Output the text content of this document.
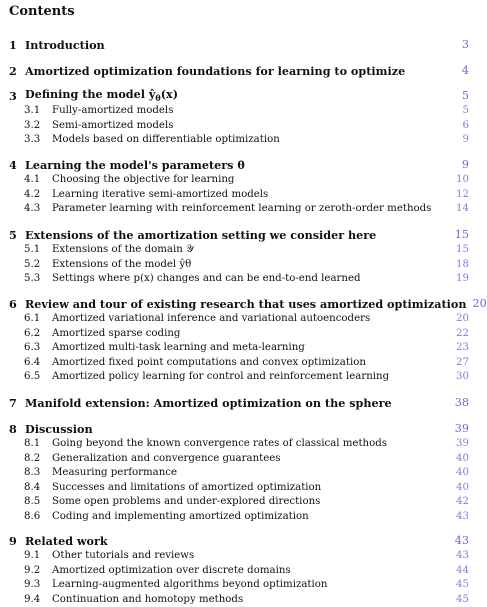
Contents
1 Introduction	3
2 Amortized optimization foundations for learning to optimize	4
3 Defining the model $ŷ_\theta(x)$	5
3.1	Fully-amortized models	5
3.2	Semi-amortized models	6
3.3	Models based on differentiable optimization	9
4 Learning the model's parameters θ	9
4.1	Choosing the objective for learning	10
4.2	Learning iterative semi-amortized models	12
4.3	Parameter learning with reinforcement learning or zeroth-order methods 14
5 Extensions of the amortization setting we consider here	15
5.1	Extensions of the domain 𝒴	15
5.2	Extensions of the model ŷθ	18
5.3	Settings where p(x) changes and can be end-to-end learned	19
6 Review and tour of existing research that uses amortized optimization 20
6.1	Amortized variational inference and variational autoencoders	20
6.2	Amortized sparse coding	22
6.3	Amortized multi-task learning and meta-learning	23
6.4	Amortized fixed point computations and convex optimization	27
6.5	Amortized policy learning for control and reinforcement learning	30
7 Manifold extension: Amortized optimization on the sphere	38
8 Discussion	39
8.1	Going beyond the known convergence rates of classical methods	39
8.2	Generalization and convergence guarantees	40
8.3	Measuring performance	40
8.4	Successes and limitations of amortized optimization	40
8.5	Some open problems and under-explored directions	42
8.6	Coding and implementing amortized optimization	43
9 Related work	43
9.1	Other tutorials and reviews	43
9.2	Amortized optimization over discrete domains	44
9.3	Learning-augmented algorithms beyond optimization	45
9.4	Continuation and homotopy methods	45
